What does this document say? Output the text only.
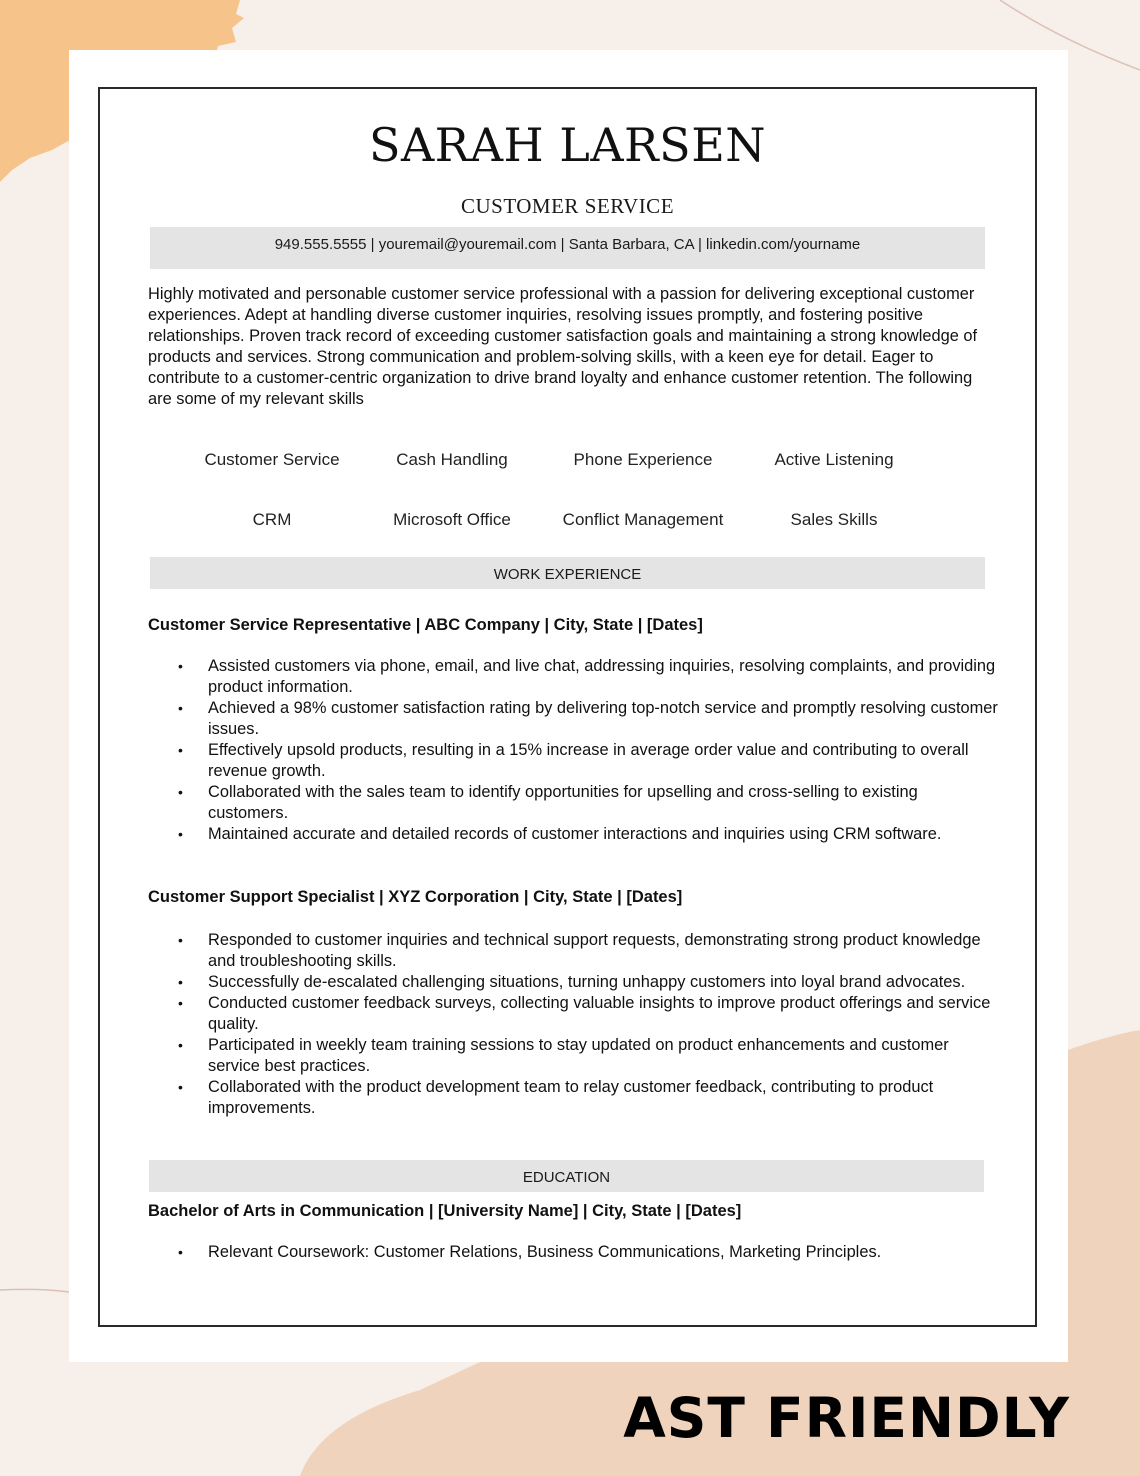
SARAH LARSEN
CUSTOMER SERVICE
949.555.5555 | youremail@youremail.com | Santa Barbara, CA | linkedin.com/yourname

Highly motivated and personable customer service professional with a passion for delivering exceptional customer experiences. Adept at handling diverse customer inquiries, resolving issues promptly, and fostering positive relationships. Proven track record of exceeding customer satisfaction goals and maintaining a strong knowledge of products and services. Strong communication and problem-solving skills, with a keen eye for detail. Eager to contribute to a customer-centric organization to drive brand loyalty and enhance customer retention. The following are some of my relevant skills

Customer Service	Cash Handling	Phone Experience	Active Listening
CRM	Microsoft Office	Conflict Management	Sales Skills
WORK EXPERIENCE
Customer Service Representative | ABC Company | City, State | [Dates]
• Assisted customers via phone, email, and live chat, addressing inquiries, resolving complaints, and providing product information.
• Achieved a 98% customer satisfaction rating by delivering top-notch service and promptly resolving customer issues.
• Effectively upsold products, resulting in a 15% increase in average order value and contributing to overall revenue growth.
• Collaborated with the sales team to identify opportunities for upselling and cross-selling to existing customers.
• Maintained accurate and detailed records of customer interactions and inquiries using CRM software.
Customer Support Specialist | XYZ Corporation | City, State | [Dates]
• Responded to customer inquiries and technical support requests, demonstrating strong product knowledge and troubleshooting skills.
• Successfully de-escalated challenging situations, turning unhappy customers into loyal brand advocates.
• Conducted customer feedback surveys, collecting valuable insights to improve product offerings and service quality.
• Participated in weekly team training sessions to stay updated on product enhancements and customer service best practices.
• Collaborated with the product development team to relay customer feedback, contributing to product improvements.
EDUCATION
Bachelor of Arts in Communication | [University Name] | City, State | [Dates]
• Relevant Coursework: Customer Relations, Business Communications, Marketing Principles.
AST FRIENDLY
